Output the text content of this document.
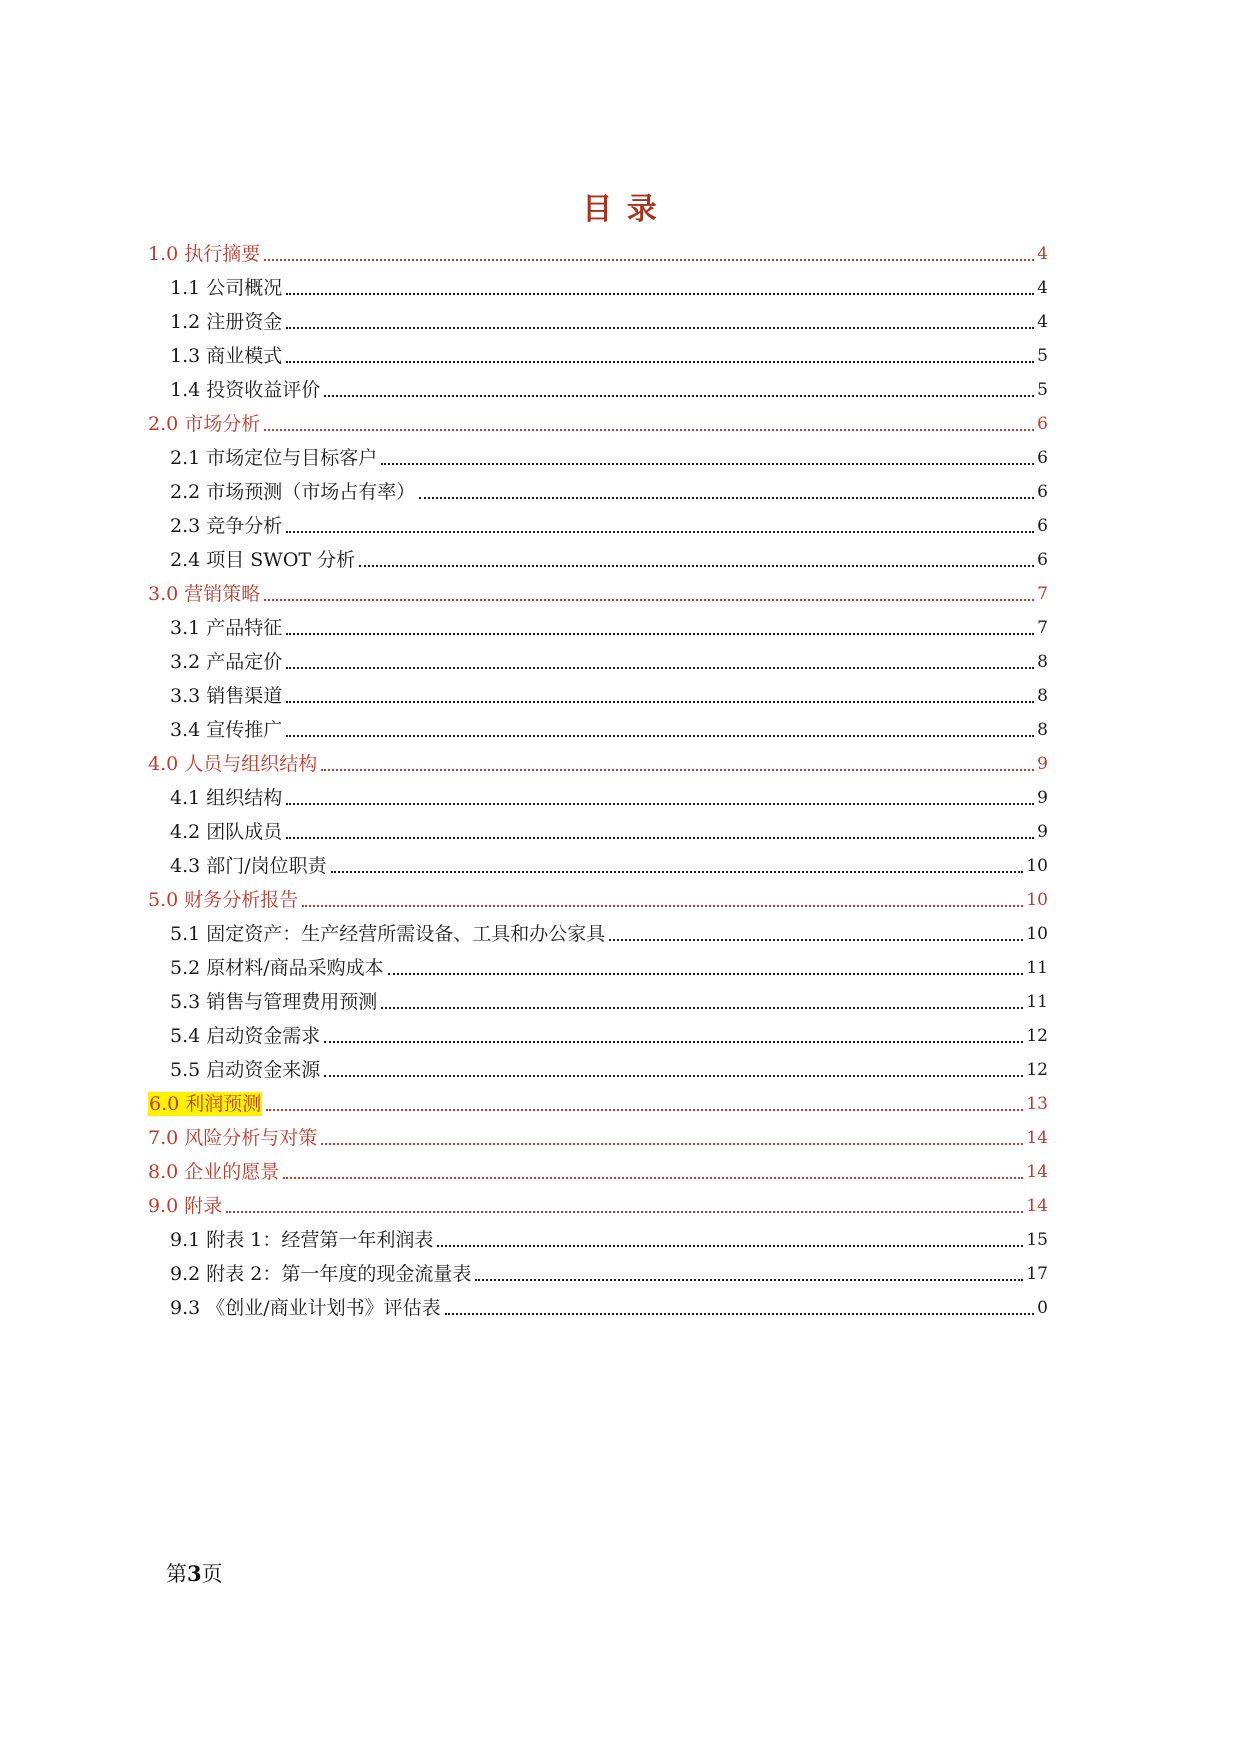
目 录
1.0 执行摘要	4
1.1 公司概况	4
1.2 注册资金	4
1.3 商业模式	5
1.4 投资收益评价	5
2.0 市场分析	6
2.1 市场定位与目标客户	6
2.2 市场预测（市场占有率）	6
2.3 竞争分析	6
2.4 项目 SWOT 分析	6
3.0 营销策略	7
3.1 产品特征	7
3.2 产品定价	8
3.3 销售渠道	8
3.4 宣传推广	8
4.0 人员与组织结构	9
4.1 组织结构	9
4.2 团队成员	9
4.3 部门/岗位职责	10
5.0 财务分析报告	10
5.1 固定资产：生产经营所需设备、工具和办公家具	10
5.2 原材料/商品采购成本	11
5.3 销售与管理费用预测	11
5.4 启动资金需求	12
5.5 启动资金来源	12
6.0 利润预测	13
7.0 风险分析与对策	14
8.0 企业的愿景	14
9.0 附录	14
9.1 附表 1：经营第一年利润表	15
9.2 附表 2：第一年度的现金流量表	17
9.3 《创业/商业计划书》评估表	0
第3页
